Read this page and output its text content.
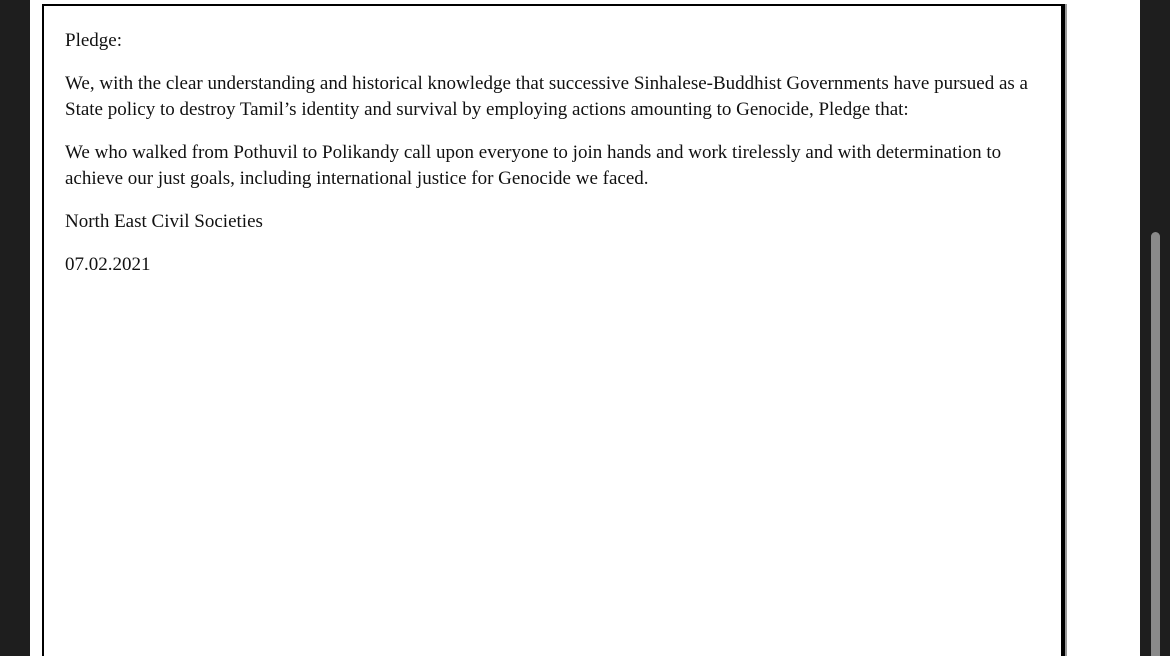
Pledge:

We, with the clear understanding and historical knowledge that successive Sinhalese-Buddhist Governments have pursued as a State policy to destroy Tamil’s identity and survival by employing actions amounting to Genocide, Pledge that:

We who walked from Pothuvil to Polikandy call upon everyone to join hands and work tirelessly and with determination to achieve our just goals, including international justice for Genocide we faced.

North East Civil Societies

07.02.2021
